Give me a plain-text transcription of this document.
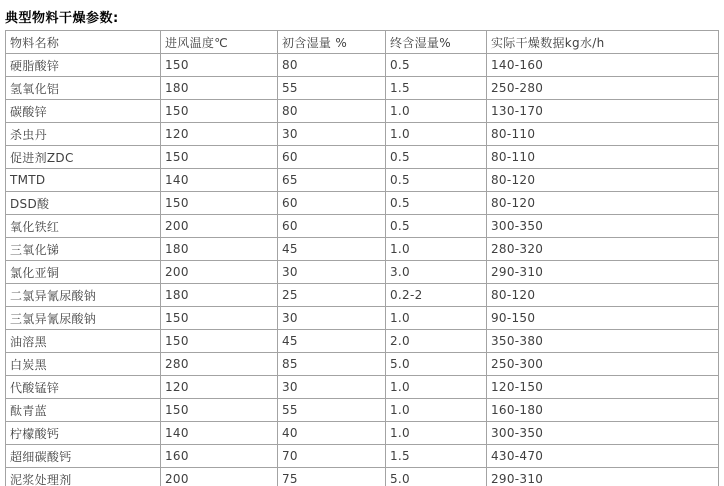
典型物料干燥参数:
物料名称	进风温度℃	初含湿量 %	终含湿量%	实际干燥数据kg水/h
硬脂酸锌	150	80	0.5	140-160
氢氧化铝	180	55	1.5	250-280
碳酸锌	150	80	1.0	130-170
杀虫丹	120	30	1.0	80-110
促进剂ZDC	150	60	0.5	80-110
TMTD	140	65	0.5	80-120
DSD酸	150	60	0.5	80-120
氧化铁红	200	60	0.5	300-350
三氧化锑	180	45	1.0	280-320
氯化亚铜	200	30	3.0	290-310
二氯异氰尿酸钠	180	25	0.2-2	80-120
三氯异氰尿酸钠	150	30	1.0	90-150
油溶黑	150	45	2.0	350-380
白炭黑	280	85	5.0	250-300
代酸锰锌	120	30	1.0	120-150
酞青蓝	150	55	1.0	160-180
柠檬酸钙	140	40	1.0	300-350
超细碳酸钙	160	70	1.5	430-470
泥浆处理剂	200	75	5.0	290-310
